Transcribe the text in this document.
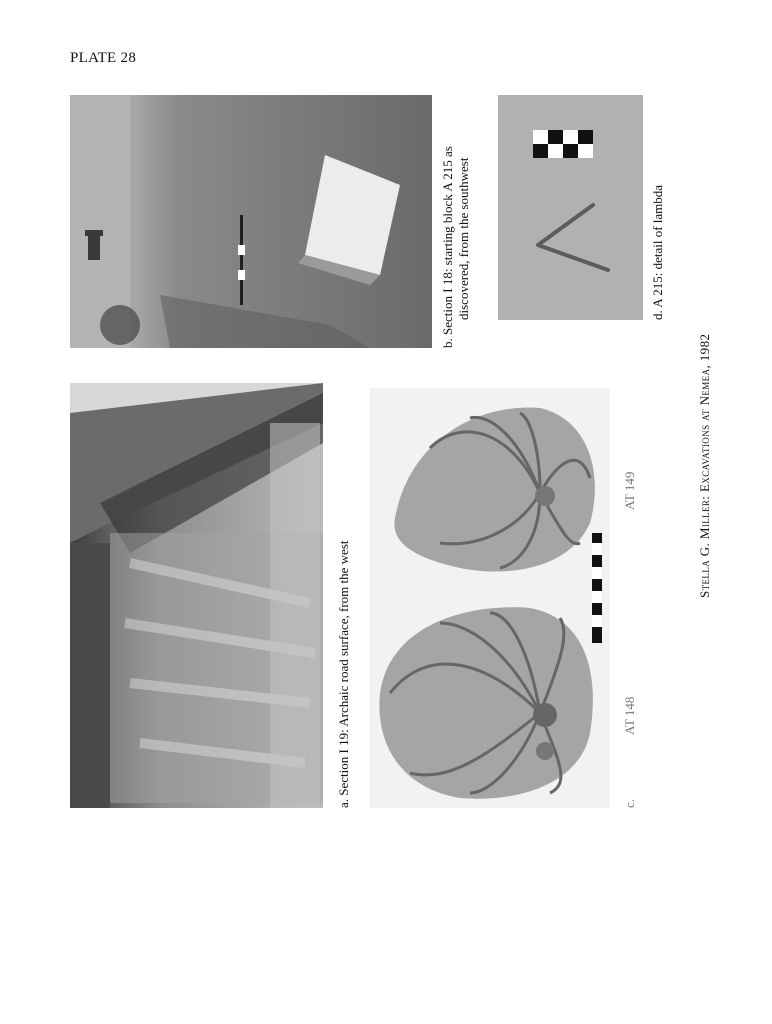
PLATE 28
a. Section I 19: Archaic road surface, from the west
b. Section I 18: starting block A 215 as discovered, from the southwest
AT 148
AT 149
c.
d. A 215: detail of lambda
Stella G. Miller: Excavations at Nemea, 1982
